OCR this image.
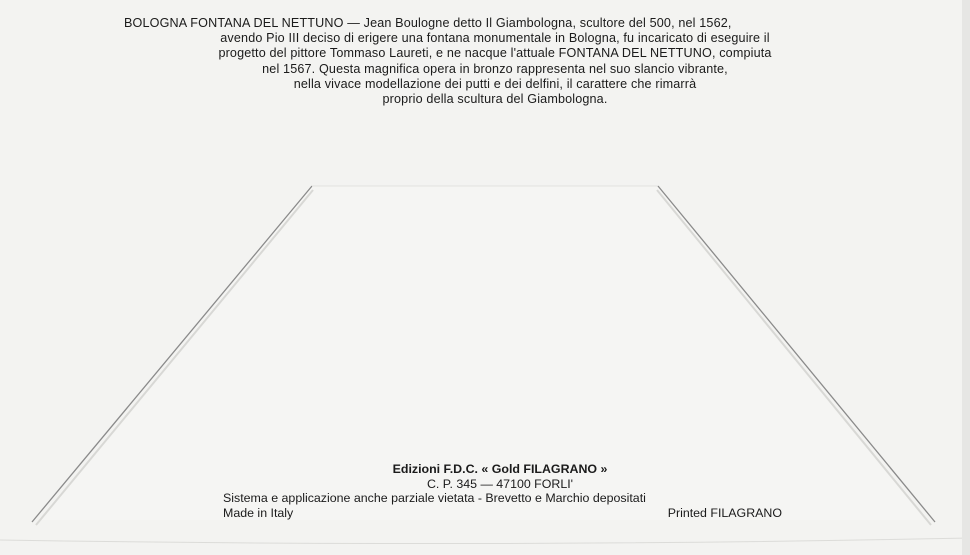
BOLOGNA FONTANA DEL NETTUNO — Jean Boulogne detto Il Giambologna, scultore del 500, nel 1562,
avendo Pio III deciso di erigere una fontana monumentale in Bologna, fu incaricato di eseguire il
progetto del pittore Tommaso Laureti, e ne nacque l'attuale FONTANA DEL NETTUNO, compiuta
nel 1567. Questa magnifica opera in bronzo rappresenta nel suo slancio vibrante,
nella vivace modellazione dei putti e dei delfini, il carattere che rimarrà
proprio della scultura del Giambologna.
Edizioni F.D.C. « Gold FILAGRANO »
C. P. 345 — 47100 FORLI'
Sistema e applicazione anche parziale vietata - Brevetto e Marchio depositati
Made in Italy	Printed FILAGRANO
